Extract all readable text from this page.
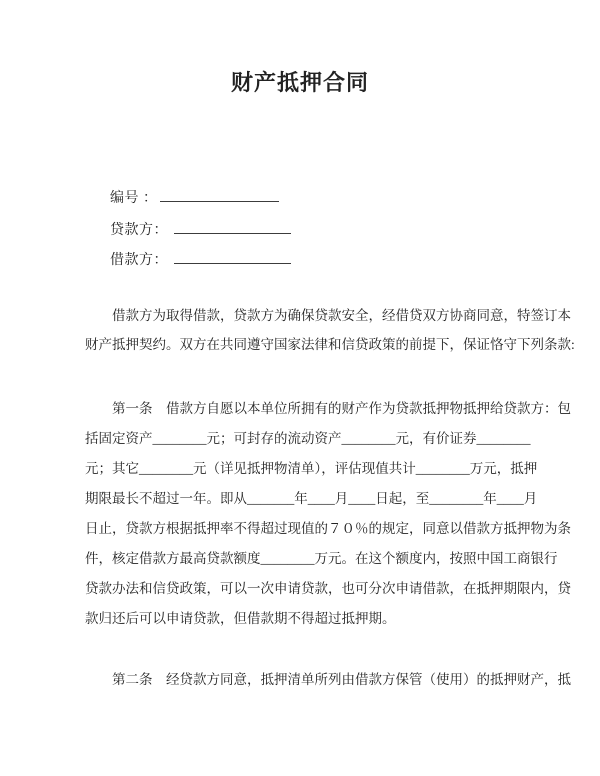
财产抵押合同
编号 ：
贷款方：
借款方：
借款方为取得借款，贷款方为确保贷款安全，经借贷双方协商同意，特签订本
财产抵押契约。双方在共同遵守国家法律和信贷政策的前提下，保证恪守下列条款:
第一条　借款方自愿以本单位所拥有的财产作为贷款抵押物抵押给贷款方：包
括固定资产________元；可封存的流动资产________元，有价证券________
元；其它________元（详见抵押物清单），评估现值共计________万元，抵押
期限最长不超过一年。即从_______年____月____日起，至________年____月
日止，贷款方根据抵押率不得超过现值的７０％的规定，同意以借款方抵押物为条
件，核定借款方最高贷款额度________万元。在这个额度内，按照中国工商银行
贷款办法和信贷政策，可以一次申请贷款，也可分次申请借款，在抵押期限内，贷
款归还后可以申请贷款，但借款期不得超过抵押期。
第二条　经贷款方同意，抵押清单所列由借款方保管（使用）的抵押财产，抵
